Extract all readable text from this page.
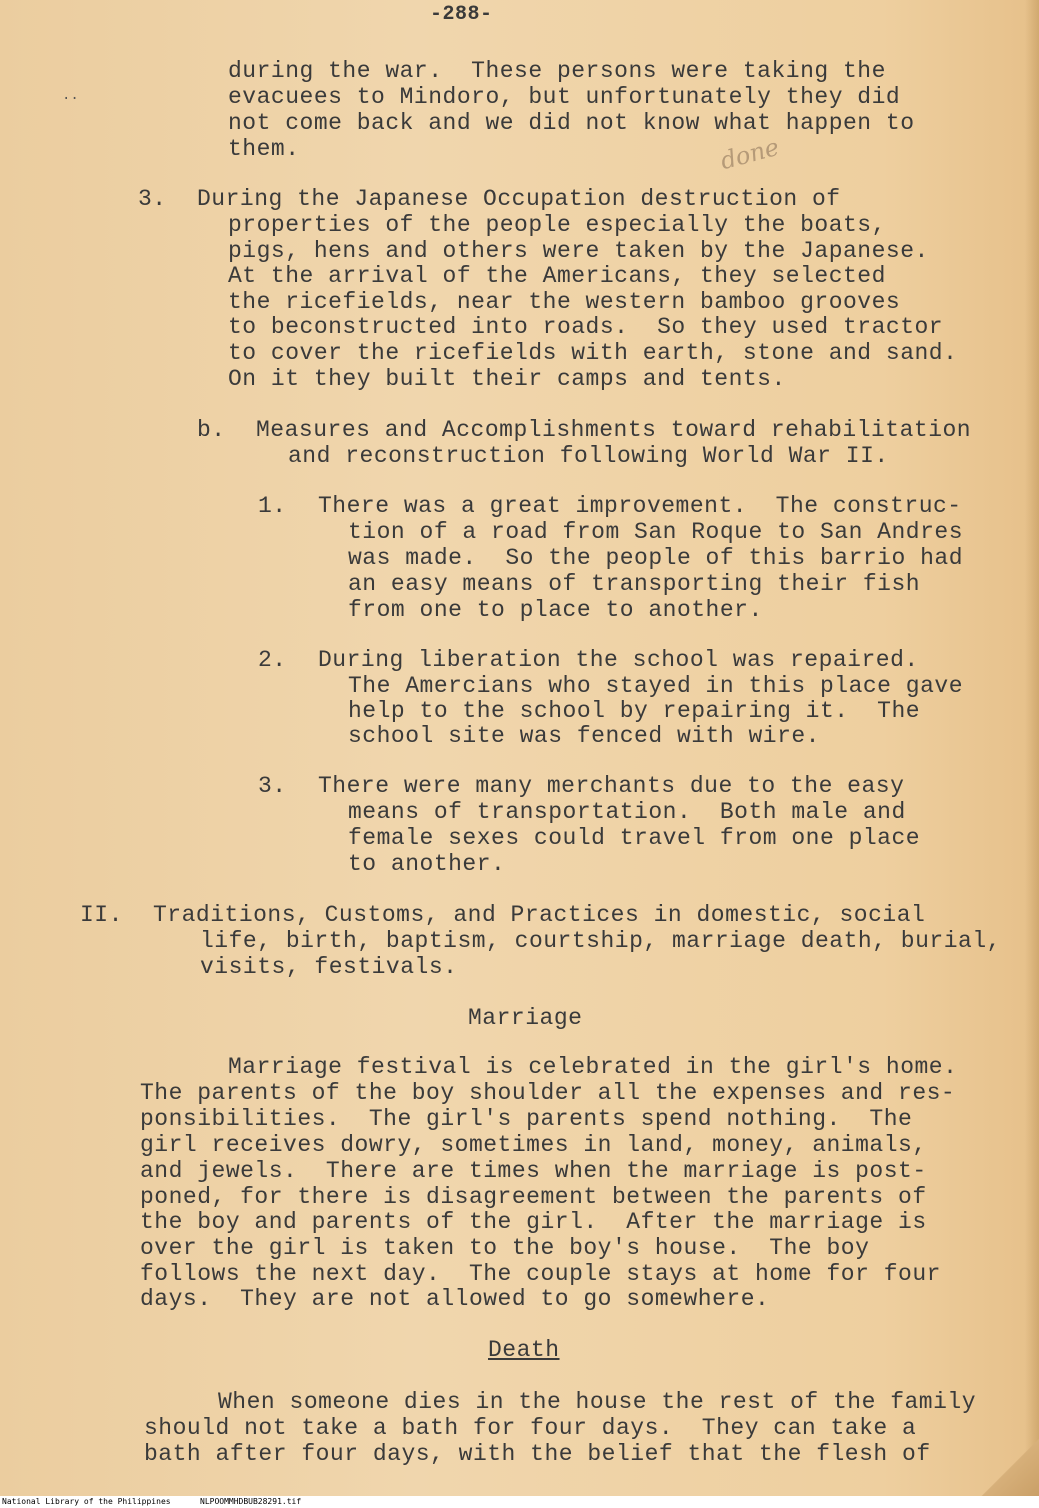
-288-
..
done

during the war.  These persons were taking the

evacuees to Mindoro, but unfortunately they did

not come back and we did not know what happen to

them.

3. During the Japanese Occupation destruction of

properties of the people especially the boats,

pigs, hens and others were taken by the Japanese.

At the arrival of the Americans, they selected

the ricefields, near the western bamboo grooves

to beconstructed into roads.  So they used tractor

to cover the ricefields with earth, stone and sand.

On it they built their camps and tents.

b. Measures and Accomplishments toward rehabilitation

and reconstruction following World War II.

1. There was a great improvement.  The construc-

tion of a road from San Roque to San Andres

was made.  So the people of this barrio had

an easy means of transporting their fish

from one to place to another.

2. During liberation the school was repaired.

The Amercians who stayed in this place gave

help to the school by repairing it.  The

school site was fenced with wire.

3. There were many merchants due to the easy

means of transportation.  Both male and

female sexes could travel from one place

to another.

II. Traditions, Customs, and Practices in domestic, social

life, birth, baptism, courtship, marriage death, burial,

visits, festivals.

Marriage

Marriage festival is celebrated in the girl's home.

The parents of the boy shoulder all the expenses and res-

ponsibilities.  The girl's parents spend nothing.  The

girl receives dowry, sometimes in land, money, animals,

and jewels.  There are times when the marriage is post-

poned, for there is disagreement between the parents of

the boy and parents of the girl.  After the marriage is

over the girl is taken to the boy's house.  The boy

follows the next day.  The couple stays at home for four

days.  They are not allowed to go somewhere.

Death

When someone dies in the house the rest of the family

should not take a bath for four days.  They can take a

bath after four days, with the belief that the flesh of

National Library of the Philippines	NLPOOMMHDBUB28291.tif
